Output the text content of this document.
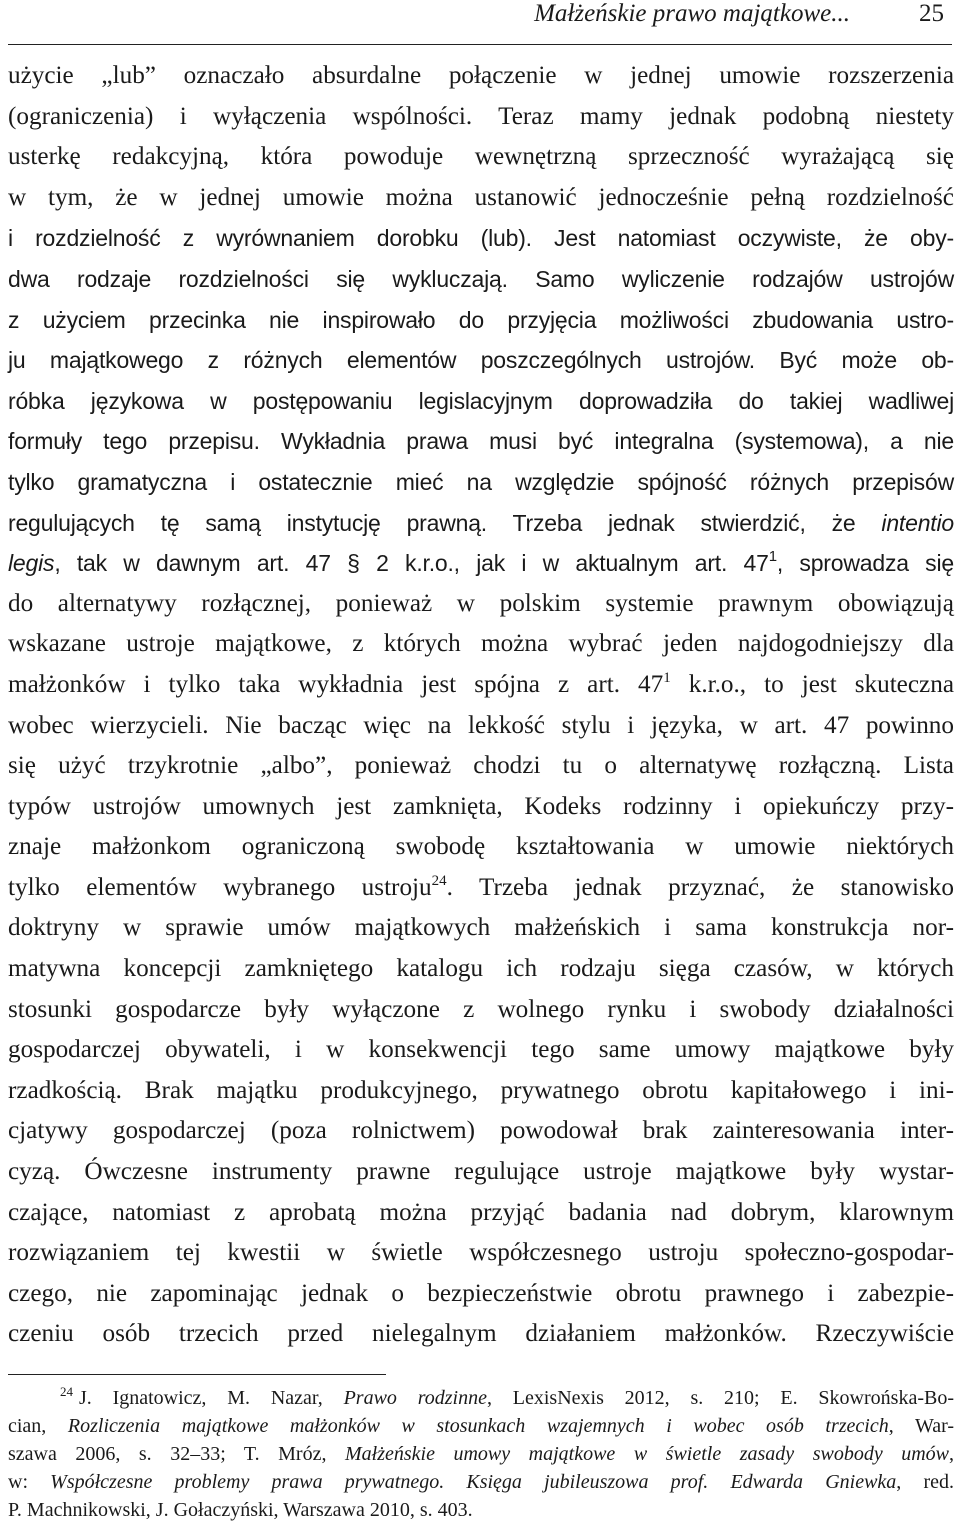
Małżeńskie prawo majątkowe...	25
użycie „lub” oznaczało absurdalne połączenie w jednej umowie rozszerzenia
(ograniczenia) i wyłączenia wspólności. Teraz mamy jednak podobną niestety
usterkę redakcyjną, która powoduje wewnętrzną sprzeczność wyrażającą się
w tym, że w jednej umowie można ustanowić jednocześnie pełną rozdzielność
i rozdzielność z wyrównaniem dorobku (lub). Jest natomiast oczywiste, że oby-
dwa rodzaje rozdzielności się wykluczają. Samo wyliczenie rodzajów ustrojów
z użyciem przecinka nie inspirowało do przyjęcia możliwości zbudowania ustro-
ju majątkowego z różnych elementów poszczególnych ustrojów. Być może ob-
róbka językowa w postępowaniu legislacyjnym doprowadziła do takiej wadliwej
formuły tego przepisu. Wykładnia prawa musi być integralna (systemowa), a nie
tylko gramatyczna i ostatecznie mieć na względzie spójność różnych przepisów
regulujących tę samą instytucję prawną. Trzeba jednak stwierdzić, że intentio
legis, tak w dawnym art. 47 § 2 k.r.o., jak i w aktualnym art. $47^1$, sprowadza się
do alternatywy rozłącznej, ponieważ w polskim systemie prawnym obowiązują
wskazane ustroje majątkowe, z których można wybrać jeden najdogodniejszy dla
małżonków i tylko taka wykładnia jest spójna z art. $47^1$ k.r.o., to jest skuteczna
wobec wierzycieli. Nie bacząc więc na lekkość stylu i języka, w art. 47 powinno
się użyć trzykrotnie „albo”, ponieważ chodzi tu o alternatywę rozłączną. Lista
typów ustrojów umownych jest zamknięta, Kodeks rodzinny i opiekuńczy przy-
znaje małżonkom ograniczoną swobodę kształtowania w umowie niektórych
tylko elementów wybranego ustroju$^{24}$. Trzeba jednak przyznać, że stanowisko
doktryny w sprawie umów majątkowych małżeńskich i sama konstrukcja nor-
matywna koncepcji zamkniętego katalogu ich rodzaju sięga czasów, w których
stosunki gospodarcze były wyłączone z wolnego rynku i swobody działalności
gospodarczej obywateli, i w konsekwencji tego same umowy majątkowe były
rzadkością. Brak majątku produkcyjnego, prywatnego obrotu kapitałowego i ini-
cjatywy gospodarczej (poza rolnictwem) powodował brak zainteresowania inter-
cyzą. Ówczesne instrumenty prawne regulujące ustroje majątkowe były wystar-
czające, natomiast z aprobatą można przyjąć badania nad dobrym, klarownym
rozwiązaniem tej kwestii w świetle współczesnego ustroju społeczno-gospodar-
czego, nie zapominając jednak o bezpieczeństwie obrotu prawnego i zabezpie-
czeniu osób trzecich przed nielegalnym działaniem małżonków. Rzeczywiście
$^{24}$ J. Ignatowicz, M. Nazar, Prawo rodzinne, LexisNexis 2012, s. 210; E. Skowrońska-Bo-
cian, Rozliczenia majątkowe małżonków w stosunkach wzajemnych i wobec osób trzecich, War-
szawa 2006, s. 32–33; T. Mróz, Małżeńskie umowy majątkowe w świetle zasady swobody umów,
w: Współczesne problemy prawa prywatnego. Księga jubileuszowa prof. Edwarda Gniewka, red.
P. Machnikowski, J. Gołaczyński, Warszawa 2010, s. 403.
